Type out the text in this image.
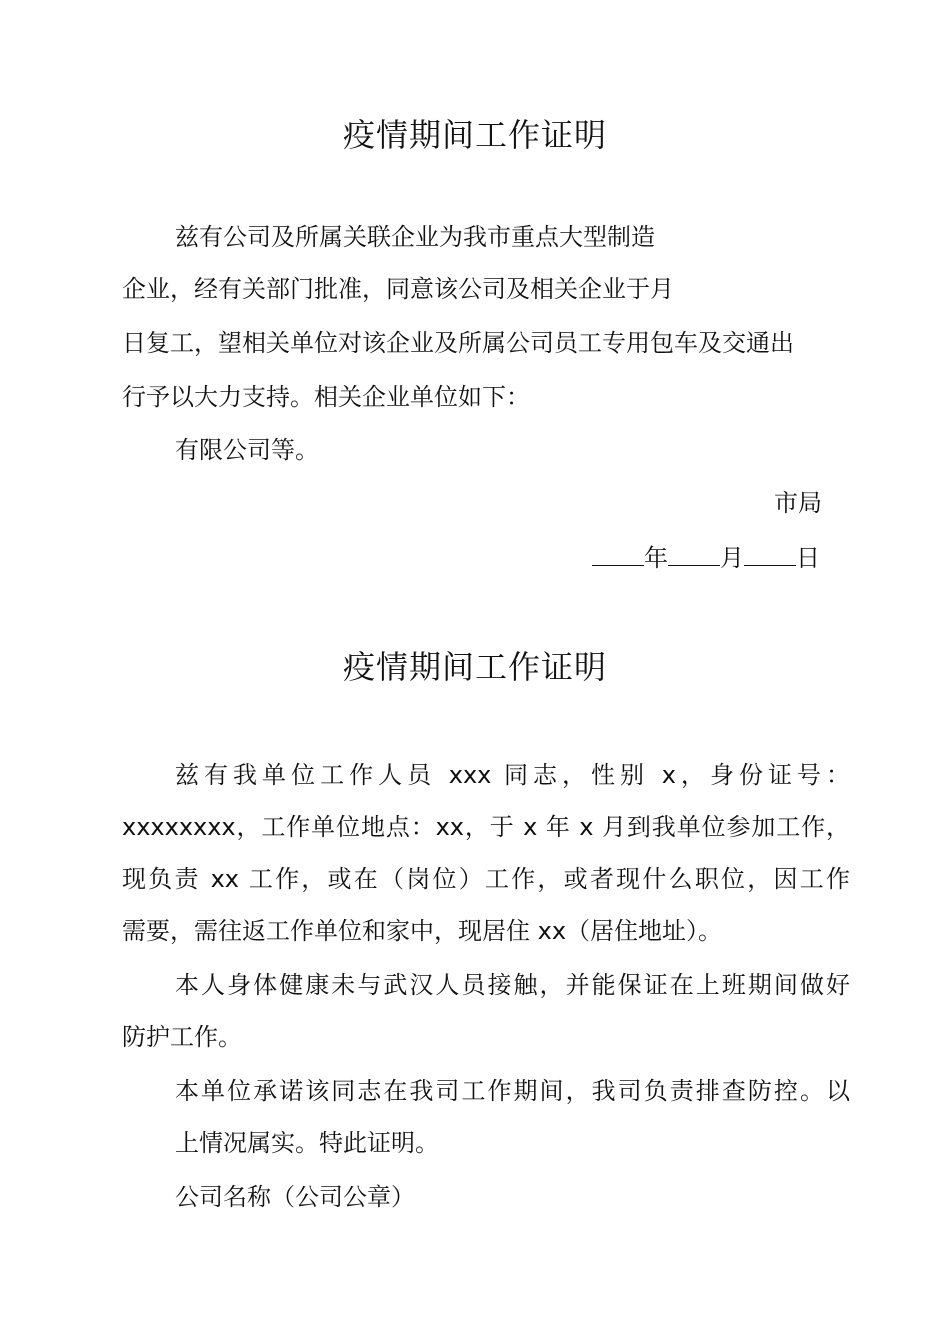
疫情期间工作证明

兹有公司及所属关联企业为我市重点大型制造

企业，经有关部门批准，同意该公司及相关企业于月

日复工，望相关单位对该企业及所属公司员工专用包车及交通出

行予以大力支持。相关企业单位如下：

有限公司等。

市局

年 月 日
疫情期间工作证明

兹有我单位工作人员 xxx 同志，性别 x，身份证号：

xxxxxxxx，工作单位地点：xx，于 x 年 x 月到我单位参加工作，

现负责 xx 工作，或在（岗位）工作，或者现什么职位，因工作

需要，需往返工作单位和家中，现居住 xx（居住地址）。

本人身体健康未与武汉人员接触，并能保证在上班期间做好

防护工作。

本单位承诺该同志在我司工作期间，我司负责排查防控。以

上情况属实。特此证明。

公司名称（公司公章）
